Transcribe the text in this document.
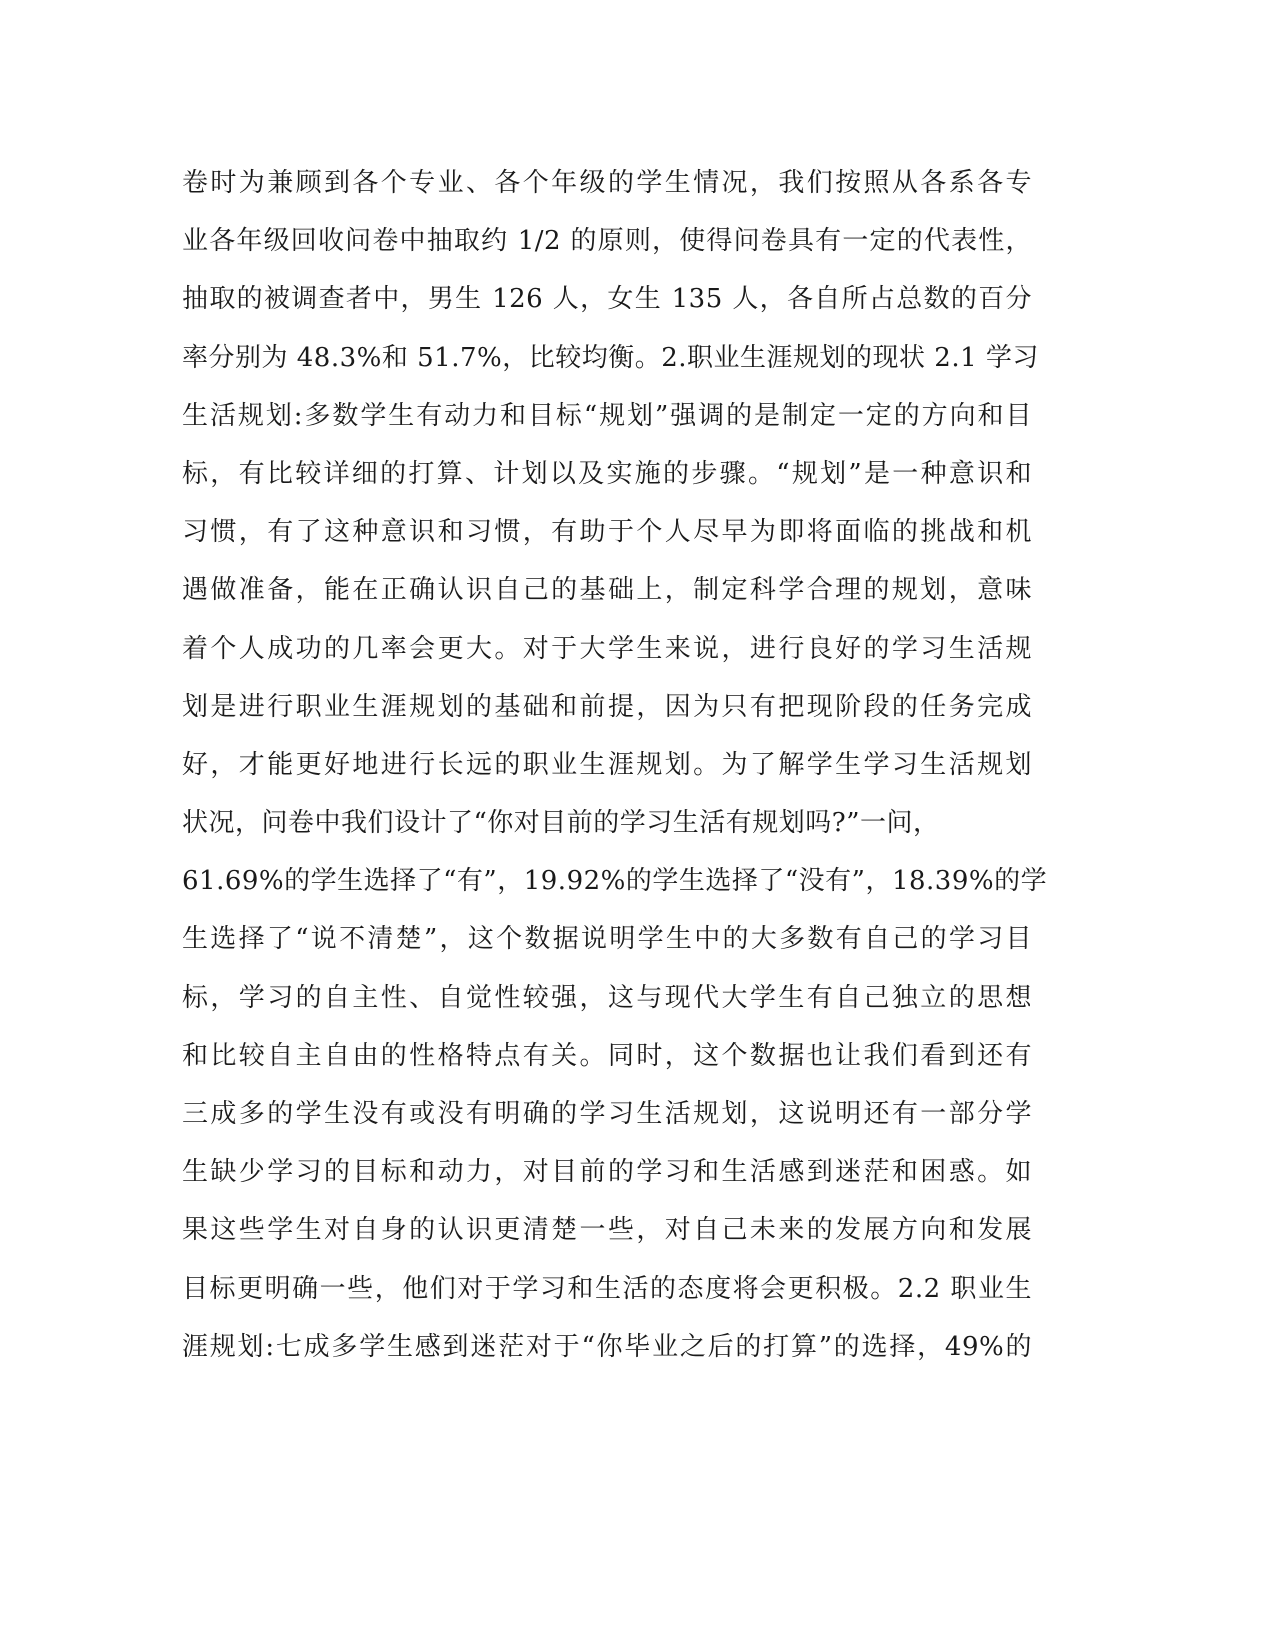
卷时为兼顾到各个专业、各个年级的学生情况，我们按照从各系各专
业各年级回收问卷中抽取约 1/2 的原则，使得问卷具有一定的代表性，
抽取的被调查者中，男生 126 人，女生 135 人，各自所占总数的百分
率分别为 48.3%和 51.7%，比较均衡。2.职业生涯规划的现状 2.1 学习
生活规划:多数学生有动力和目标“规划”强调的是制定一定的方向和目
标，有比较详细的打算、计划以及实施的步骤。“规划”是一种意识和
习惯，有了这种意识和习惯，有助于个人尽早为即将面临的挑战和机
遇做准备，能在正确认识自己的基础上，制定科学合理的规划，意味
着个人成功的几率会更大。对于大学生来说，进行良好的学习生活规
划是进行职业生涯规划的基础和前提，因为只有把现阶段的任务完成
好，才能更好地进行长远的职业生涯规划。为了解学生学习生活规划
状况，问卷中我们设计了“你对目前的学习生活有规划吗?”一问，
61.69%的学生选择了“有”，19.92%的学生选择了“没有”，18.39%的学
生选择了“说不清楚”，这个数据说明学生中的大多数有自己的学习目
标，学习的自主性、自觉性较强，这与现代大学生有自己独立的思想
和比较自主自由的性格特点有关。同时，这个数据也让我们看到还有
三成多的学生没有或没有明确的学习生活规划，这说明还有一部分学
生缺少学习的目标和动力，对目前的学习和生活感到迷茫和困惑。如
果这些学生对自身的认识更清楚一些，对自己未来的发展方向和发展
目标更明确一些，他们对于学习和生活的态度将会更积极。2.2 职业生
涯规划:七成多学生感到迷茫对于“你毕业之后的打算”的选择，49%的
